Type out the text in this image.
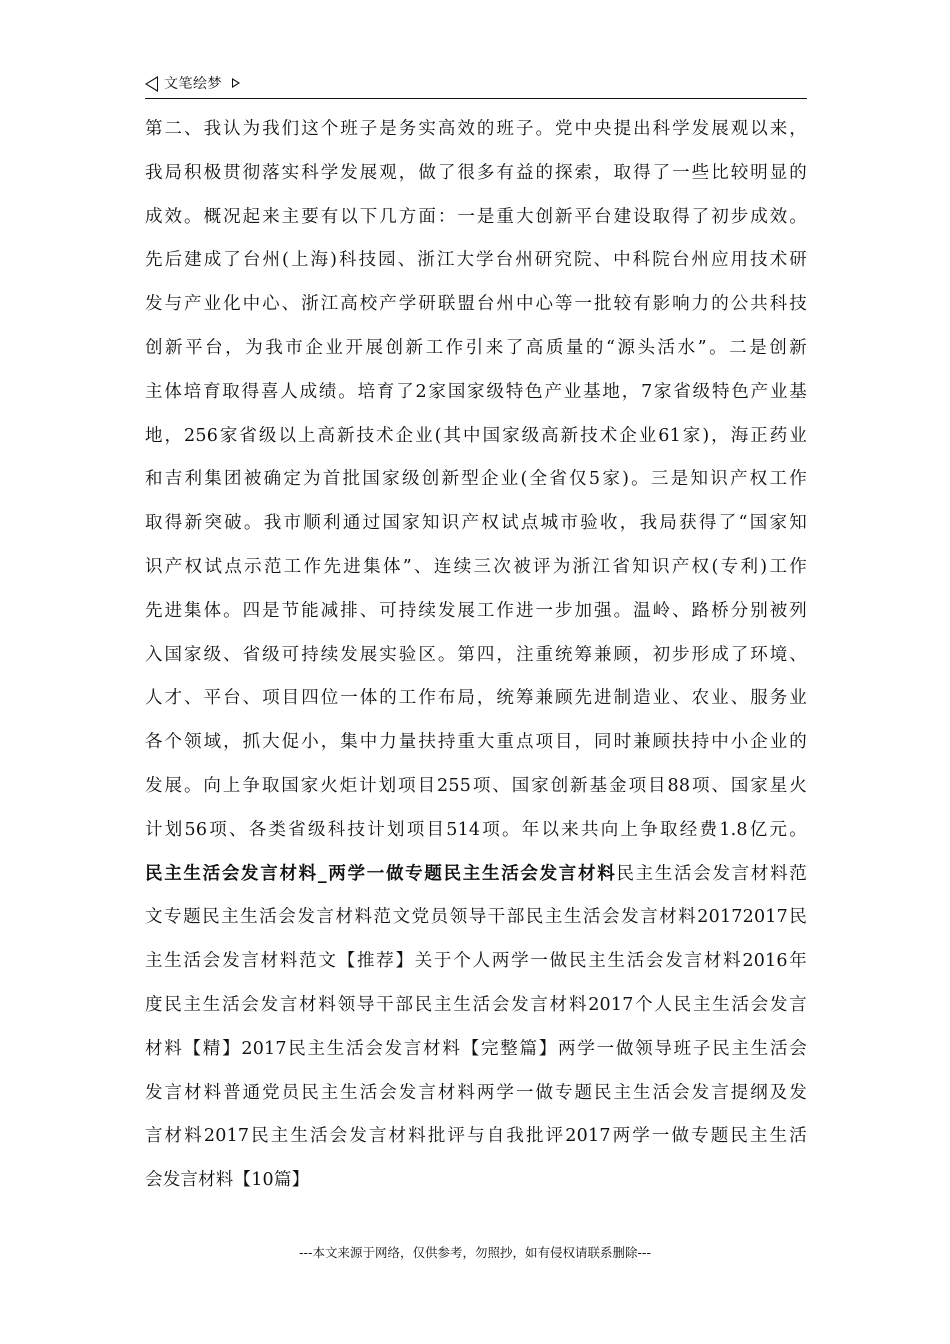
文笔绘梦
第二、我认为我们这个班子是务实高效的班子。党中央提出科学发展观以来，
我局积极贯彻落实科学发展观，做了很多有益的探索，取得了一些比较明显的
成效。概况起来主要有以下几方面：一是重大创新平台建设取得了初步成效。
先后建成了台州(上海)科技园、浙江大学台州研究院、中科院台州应用技术研
发与产业化中心、浙江高校产学研联盟台州中心等一批较有影响力的公共科技
创新平台，为我市企业开展创新工作引来了高质量的“源头活水”。二是创新
主体培育取得喜人成绩。培育了2家国家级特色产业基地，7家省级特色产业基
地，256家省级以上高新技术企业(其中国家级高新技术企业61家)，海正药业
和吉利集团被确定为首批国家级创新型企业(全省仅5家)。三是知识产权工作
取得新突破。我市顺利通过国家知识产权试点城市验收，我局获得了“国家知
识产权试点示范工作先进集体”、连续三次被评为浙江省知识产权(专利)工作
先进集体。四是节能减排、可持续发展工作进一步加强。温岭、路桥分别被列
入国家级、省级可持续发展实验区。第四，注重统筹兼顾，初步形成了环境、
人才、平台、项目四位一体的工作布局，统筹兼顾先进制造业、农业、服务业
各个领域，抓大促小，集中力量扶持重大重点项目，同时兼顾扶持中小企业的
发展。向上争取国家火炬计划项目255项、国家创新基金项目88项、国家星火
计划56项、各类省级科技计划项目514项。年以来共向上争取经费1.8亿元。
民主生活会发言材料_两学一做专题民主生活会发言材料民主生活会发言材料范
文专题民主生活会发言材料范文党员领导干部民主生活会发言材料20172017民
主生活会发言材料范文【推荐】关于个人两学一做民主生活会发言材料2016年
度民主生活会发言材料领导干部民主生活会发言材料2017个人民主生活会发言
材料【精】2017民主生活会发言材料【完整篇】两学一做领导班子民主生活会
发言材料普通党员民主生活会发言材料两学一做专题民主生活会发言提纲及发
言材料2017民主生活会发言材料批评与自我批评2017两学一做专题民主生活
会发言材料【10篇】
---本文来源于网络，仅供参考，勿照抄，如有侵权请联系删除---
